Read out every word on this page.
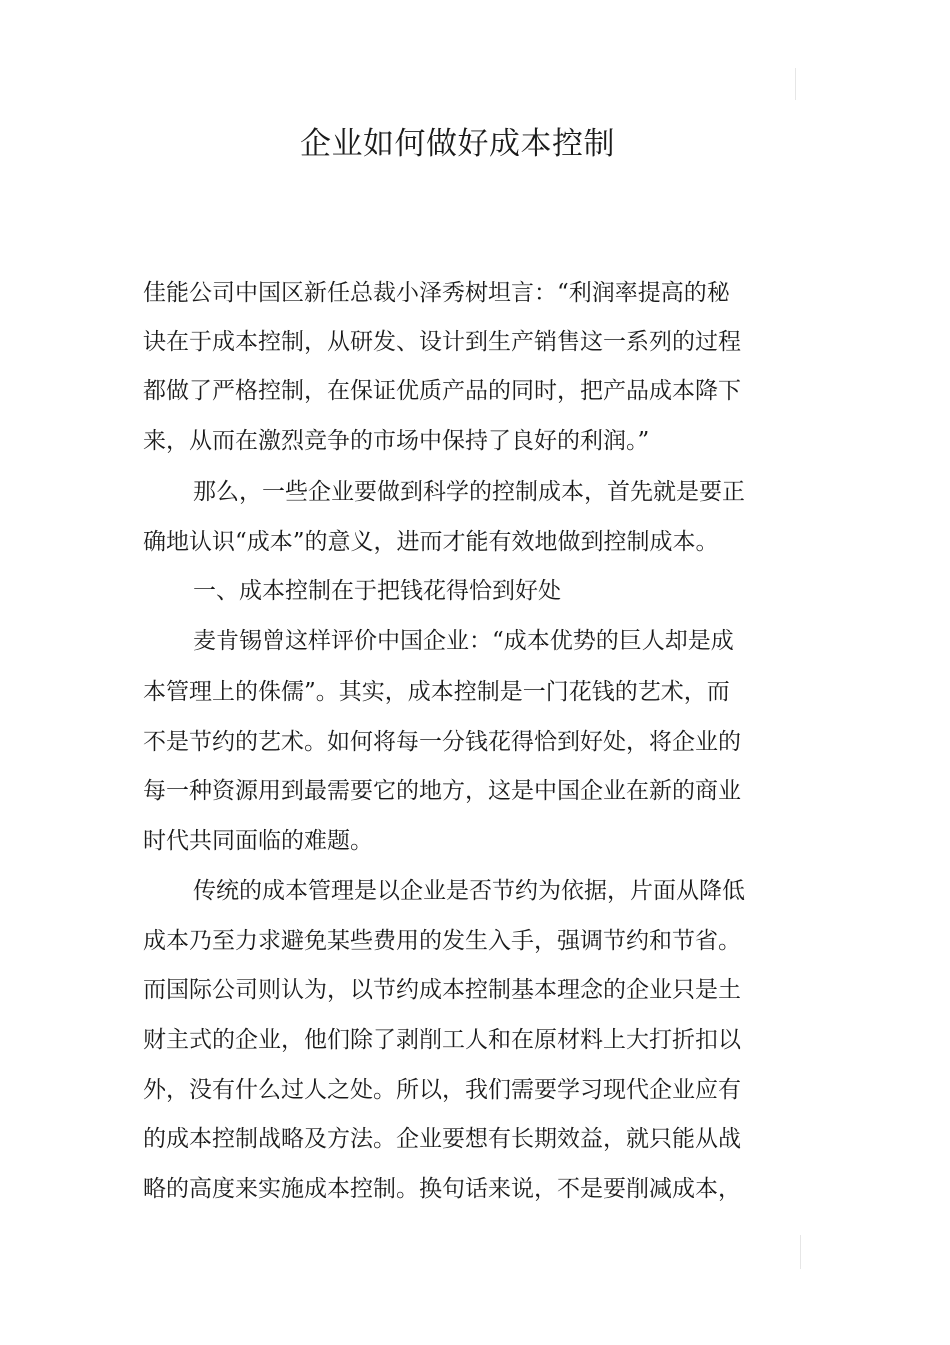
企业如何做好成本控制

佳能公司中国区新任总裁小泽秀树坦言：“利润率提高的秘

诀在于成本控制，从研发、设计到生产销售这一系列的过程

都做了严格控制，在保证优质产品的同时，把产品成本降下

来，从而在激烈竞争的市场中保持了良好的利润。”

那么，一些企业要做到科学的控制成本，首先就是要正

确地认识“成本”的意义，进而才能有效地做到控制成本。

一、成本控制在于把钱花得恰到好处

麦肯锡曾这样评价中国企业：“成本优势的巨人却是成

本管理上的侏儒”。其实，成本控制是一门花钱的艺术，而

不是节约的艺术。如何将每一分钱花得恰到好处，将企业的

每一种资源用到最需要它的地方，这是中国企业在新的商业

时代共同面临的难题。

传统的成本管理是以企业是否节约为依据，片面从降低

成本乃至力求避免某些费用的发生入手，强调节约和节省。

而国际公司则认为，以节约成本控制基本理念的企业只是土

财主式的企业，他们除了剥削工人和在原材料上大打折扣以

外，没有什么过人之处。所以，我们需要学习现代企业应有

的成本控制战略及方法。企业要想有长期效益，就只能从战

略的高度来实施成本控制。换句话来说，不是要削减成本，
